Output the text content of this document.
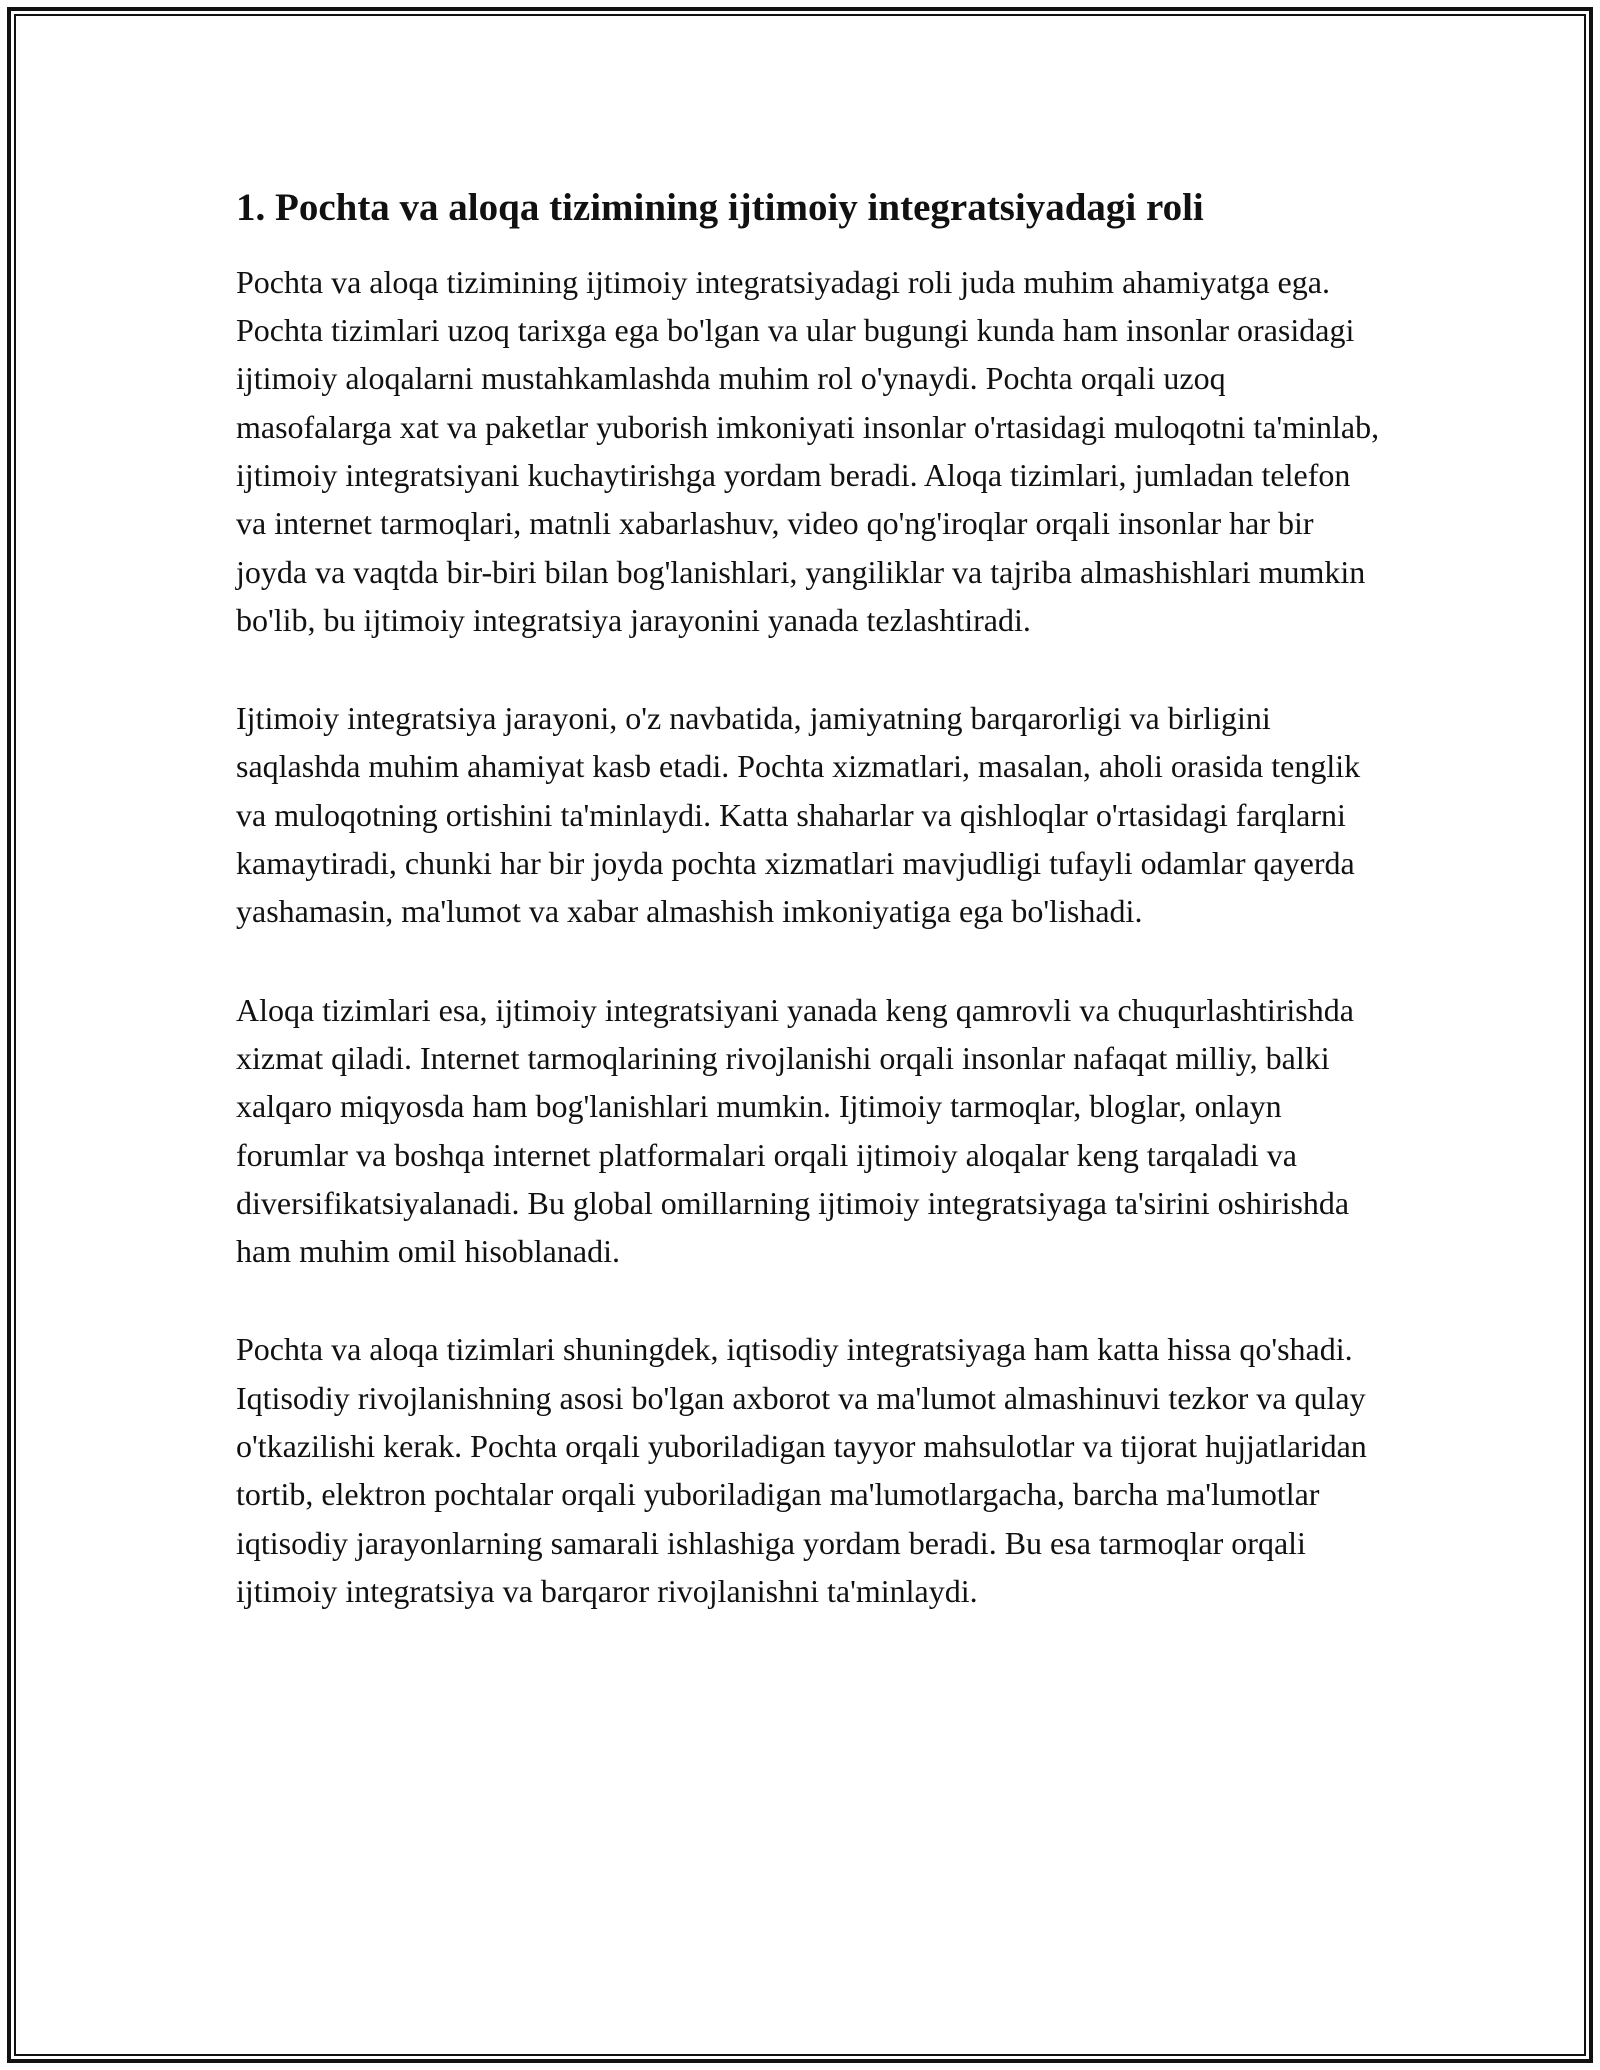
1. Pochta va aloqa tizimining ijtimoiy integratsiyadagi roli

Pochta va aloqa tizimining ijtimoiy integratsiyadagi roli juda muhim ahamiyatga ega. Pochta tizimlari uzoq tarixga ega bo'lgan va ular bugungi kunda ham insonlar orasidagi ijtimoiy aloqalarni mustahkamlashda muhim rol o'ynaydi. Pochta orqali uzoq masofalarga xat va paketlar yuborish imkoniyati insonlar o'rtasidagi muloqotni ta'minlab, ijtimoiy integratsiyani kuchaytirishga yordam beradi. Aloqa tizimlari, jumladan telefon va internet tarmoqlari, matnli xabarlashuv, video qo'ng'iroqlar orqali insonlar har bir joyda va vaqtda bir-biri bilan bog'lanishlari, yangiliklar va tajriba almashishlari mumkin bo'lib, bu ijtimoiy integratsiya jarayonini yanada tezlashtiradi.

Ijtimoiy integratsiya jarayoni, o'z navbatida, jamiyatning barqarorligi va birligini saqlashda muhim ahamiyat kasb etadi. Pochta xizmatlari, masalan, aholi orasida tenglik va muloqotning ortishini ta'minlaydi. Katta shaharlar va qishloqlar o'rtasidagi farqlarni kamaytiradi, chunki har bir joyda pochta xizmatlari mavjudligi tufayli odamlar qayerda yashamasin, ma'lumot va xabar almashish imkoniyatiga ega bo'lishadi.

Aloqa tizimlari esa, ijtimoiy integratsiyani yanada keng qamrovli va chuqurlashtirishda xizmat qiladi. Internet tarmoqlarining rivojlanishi orqali insonlar nafaqat milliy, balki xalqaro miqyosda ham bog'lanishlari mumkin. Ijtimoiy tarmoqlar, bloglar, onlayn forumlar va boshqa internet platformalari orqali ijtimoiy aloqalar keng tarqaladi va diversifikatsiyalanadi. Bu global omillarning ijtimoiy integratsiyaga ta'sirini oshirishda ham muhim omil hisoblanadi.

Pochta va aloqa tizimlari shuningdek, iqtisodiy integratsiyaga ham katta hissa qo'shadi. Iqtisodiy rivojlanishning asosi bo'lgan axborot va ma'lumot almashinuvi tezkor va qulay o'tkazilishi kerak. Pochta orqali yuboriladigan tayyor mahsulotlar va tijorat hujjatlaridan tortib, elektron pochtalar orqali yuboriladigan ma'lumotlargacha, barcha ma'lumotlar iqtisodiy jarayonlarning samarali ishlashiga yordam beradi. Bu esa tarmoqlar orqali ijtimoiy integratsiya va barqaror rivojlanishni ta'minlaydi.
